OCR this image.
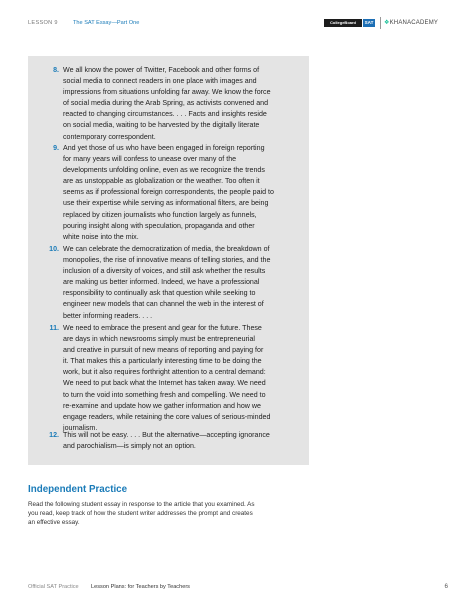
LESSON 9	The SAT Essay—Part One	CollegeBoard	SAT ❖KHANACADEMY
8. We all know the power of Twitter, Facebook and other forms of
social media to connect readers in one place with images and
impressions from situations unfolding far away. We know the force
of social media during the Arab Spring, as activists convened and
reacted to changing circumstances. . . . Facts and insights reside
on social media, waiting to be harvested by the digitally literate
contemporary correspondent.
9. And yet those of us who have been engaged in foreign reporting
for many years will confess to unease over many of the
developments unfolding online, even as we recognize the trends
are as unstoppable as globalization or the weather. Too often it
seems as if professional foreign correspondents, the people paid to
use their expertise while serving as informational filters, are being
replaced by citizen journalists who function largely as funnels,
pouring insight along with speculation, propaganda and other
white noise into the mix.
10. We can celebrate the democratization of media, the breakdown of
monopolies, the rise of innovative means of telling stories, and the
inclusion of a diversity of voices, and still ask whether the results
are making us better informed. Indeed, we have a professional
responsibility to continually ask that question while seeking to
engineer new models that can channel the web in the interest of
better informing readers. . . .
11. We need to embrace the present and gear for the future. These
are days in which newsrooms simply must be entrepreneurial
and creative in pursuit of new means of reporting and paying for
it. That makes this a particularly interesting time to be doing the
work, but it also requires forthright attention to a central demand:
We need to put back what the Internet has taken away. We need
to turn the void into something fresh and compelling. We need to
re-examine and update how we gather information and how we
engage readers, while retaining the core values of serious-minded
journalism.
12. This will not be easy. . . . But the alternative—accepting ignorance
and parochialism—is simply not an option.
Independent Practice
Read the following student essay in response to the article that you examined. As
you read, keep track of how the student writer addresses the prompt and creates
an effective essay.
Official SAT Practice Lesson Plans: for Teachers by Teachers	6
